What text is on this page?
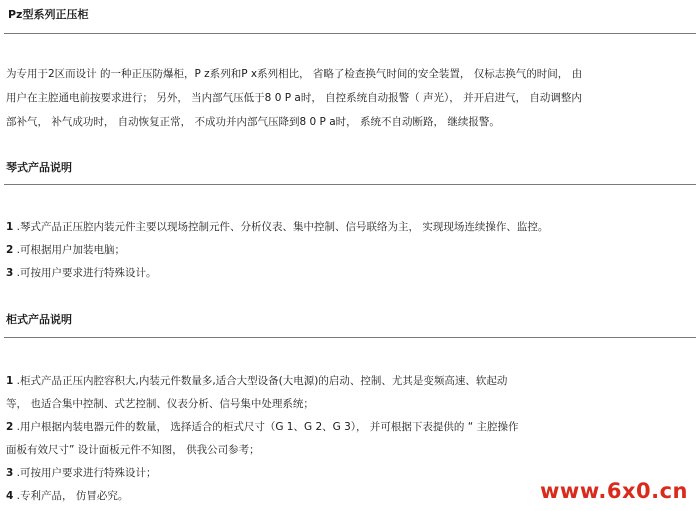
Pz型系列正压柜
为专用于2区而设计 的一种正压防爆柜，P z系列和P x系列相比， 省略了检查换气时间的安全装置， 仅标志换气的时间， 由
用户在主腔通电前按要求进行； 另外， 当内部气压低于8 0 P a时， 自控系统自动报警（ 声光）， 并开启进气， 自动调整内
部补气， 补气成功时， 自动恢复正常， 不成功并内部气压降到8 0 P a时， 系统不自动断路， 继续报警。
琴式产品说明
1 .琴式产品正压腔内装元件主要以现场控制元件、分析仪表、集中控制、信号联络为主， 实现现场连续操作、监控。
2 .可根据用户加装电脑；
3 .可按用户要求进行特殊设计。
柜式产品说明
1 .柜式产品正压内腔容积大,内装元件数量多,适合大型设备(大电源)的启动、控制、尤其是变频高速、软起动
等， 也适合集中控制、式艺控制、仪表分析、信号集中处理系统；
2 .用户根据内装电器元件的数量， 选择适合的柜式尺寸（G 1、G 2、G 3）， 并可根据下表提供的 “ 主腔操作
面板有效尺寸” 设计面板元件不知图， 供我公司参考；
3 .可按用户要求进行特殊设计；
4 .专利产品， 仿冒必究。	www.6x0.cn
